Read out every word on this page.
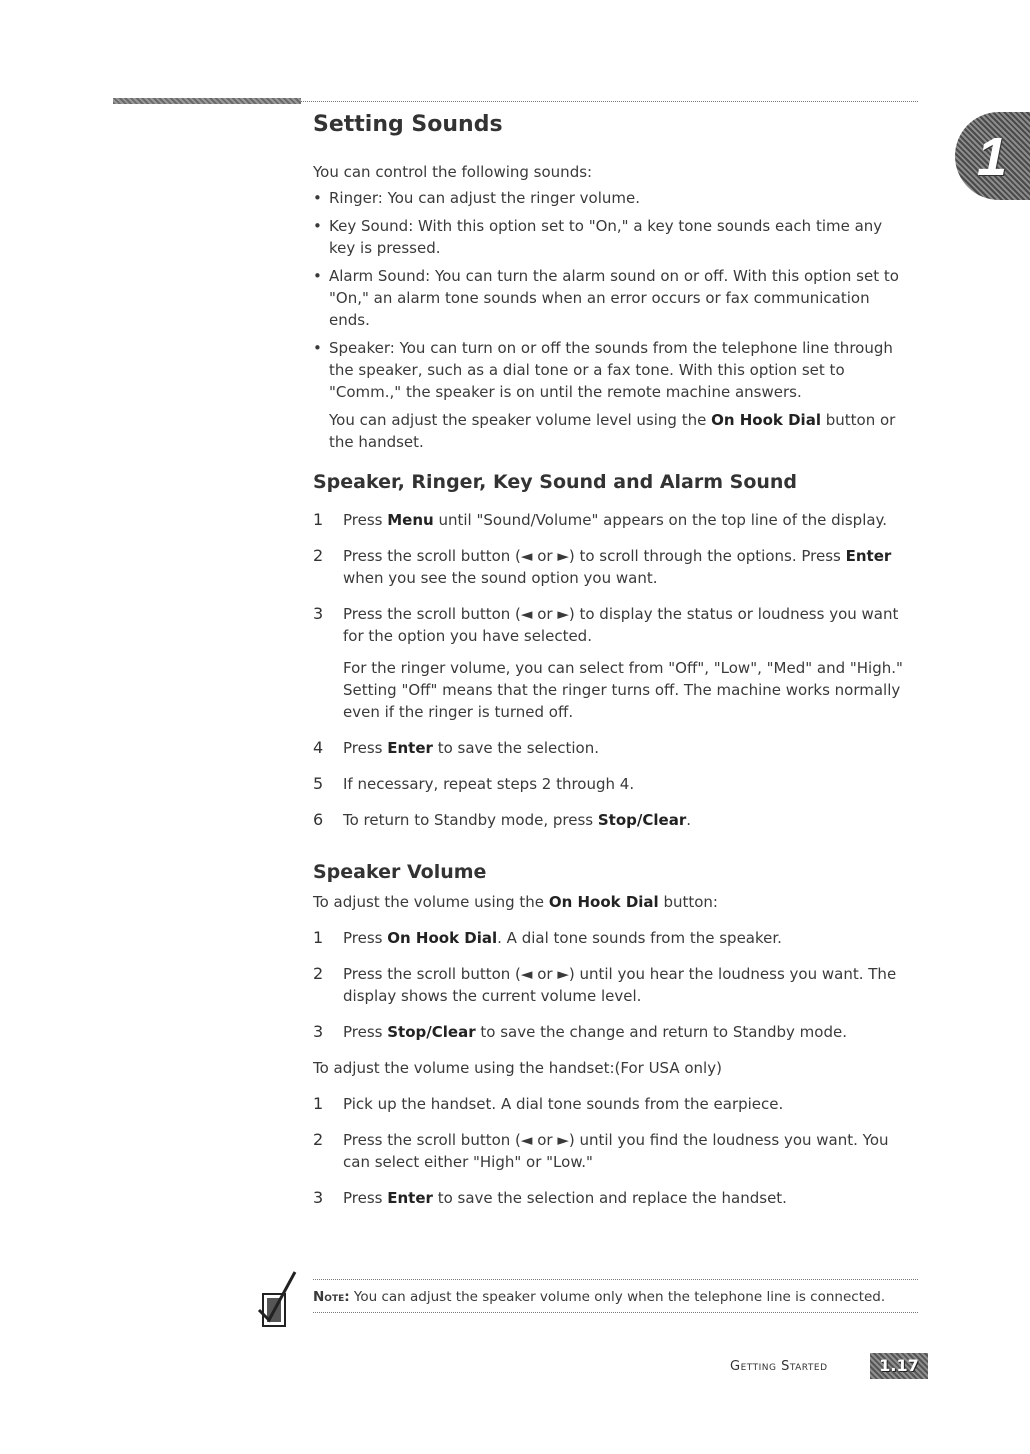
1
Setting Sounds

You can control the following sounds:

• Ringer: You can adjust the ringer volume.
• Key Sound: With this option set to "On," a key tone sounds each time any key is pressed.
• Alarm Sound: You can turn the alarm sound on or off. With this option set to "On," an alarm tone sounds when an error occurs or fax communication ends.
• Speaker: You can turn on or off the sounds from the telephone line through the speaker, such as a dial tone or a fax tone. With this option set to "Comm.," the speaker is on until the remote machine answers.

You can adjust the speaker volume level using the On Hook Dial button or the handset.

Speaker, Ringer, Key Sound and Alarm Sound
1	Press Menu until "Sound/Volume" appears on the top line of the display.

2	Press the scroll button (◄ or ►) to scroll through the options. Press Enter when you see the sound option you want.

3	Press the scroll button (◄ or ►) to display the status or loudness you want for the option you have selected.

For the ringer volume, you can select from "Off", "Low", "Med" and "High." Setting "Off" means that the ringer turns off. The machine works normally even if the ringer is turned off.

4	Press Enter to save the selection.

5	If necessary, repeat steps 2 through 4.

6	To return to Standby mode, press Stop/Clear.

Speaker Volume

To adjust the volume using the On Hook Dial button:

1	Press On Hook Dial. A dial tone sounds from the speaker.

2	Press the scroll button (◄ or ►) until you hear the loudness you want. The display shows the current volume level.

3	Press Stop/Clear to save the change and return to Standby mode.

To adjust the volume using the handset:(For USA only)

1	Pick up the handset. A dial tone sounds from the earpiece.

2	Press the scroll button (◄ or ►) until you find the loudness you want. You can select either "High" or "Low."

3	Press Enter to save the selection and replace the handset.

Note: You can adjust the speaker volume only when the telephone line is connected.

Getting Started	1.17
